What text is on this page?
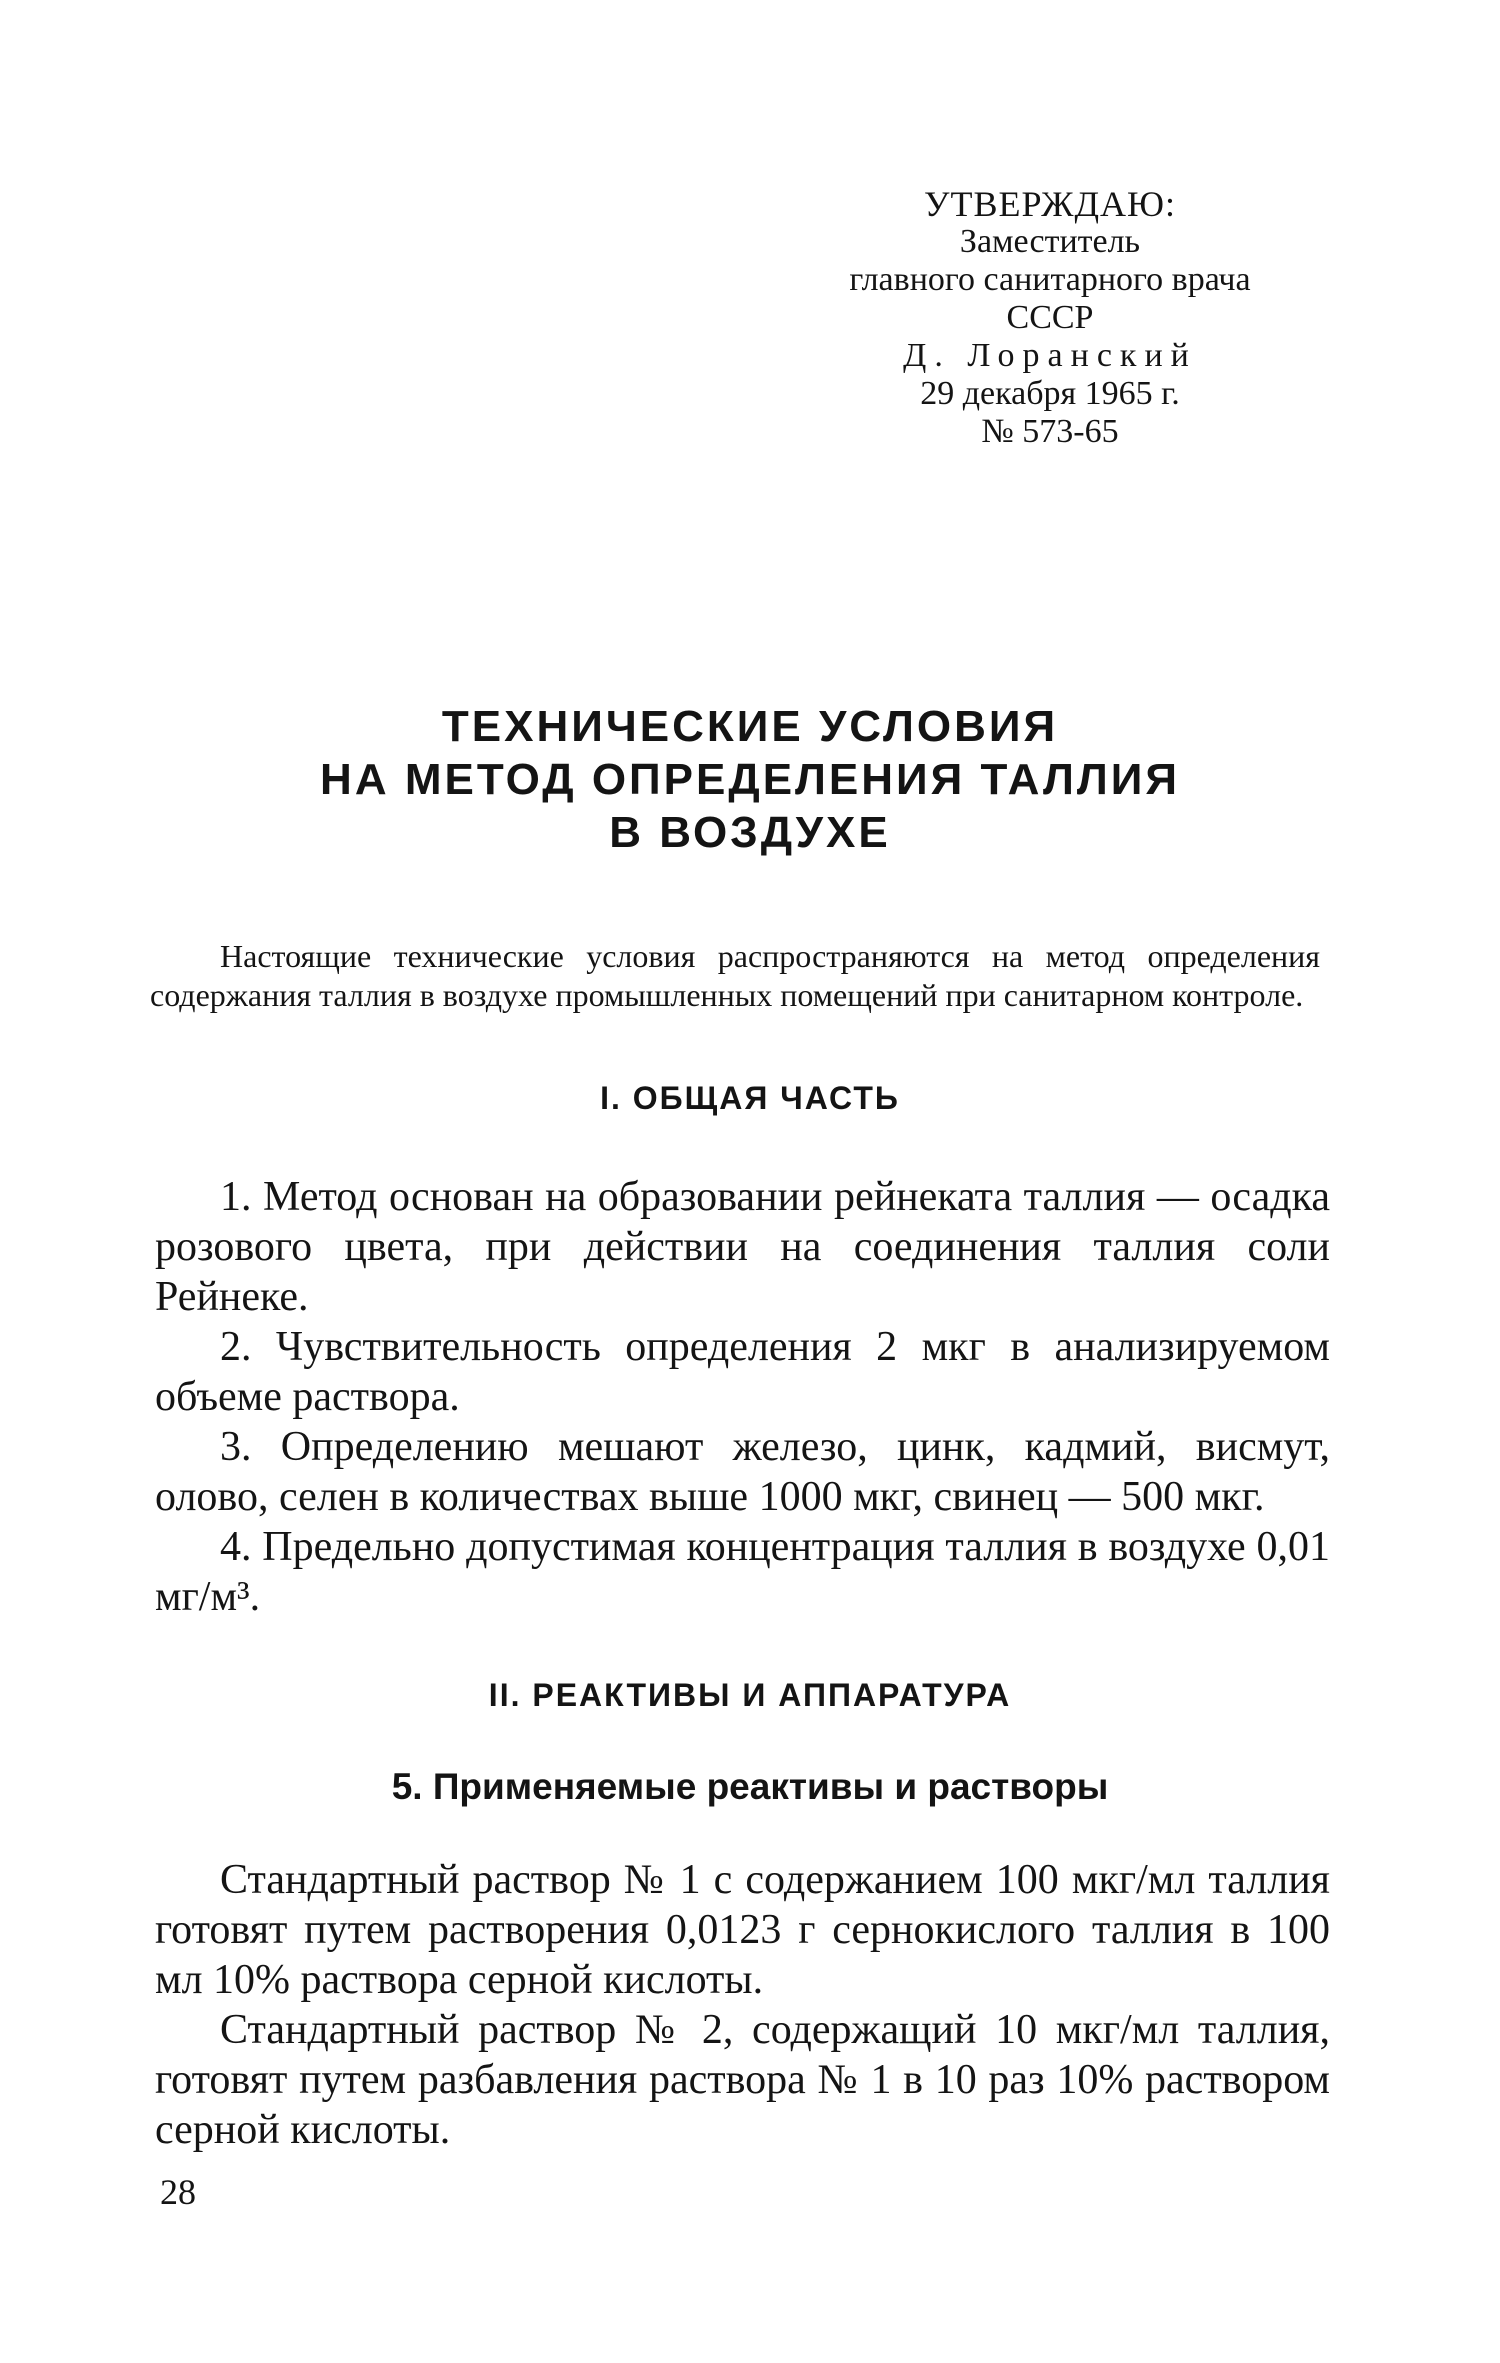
УТВЕРЖДАЮ:
Заместитель
главного санитарного врача
СССР
Д. Лоранский
29 декабря 1965 г.
№ 573-65
ТЕХНИЧЕСКИЕ УСЛОВИЯ
НА МЕТОД ОПРЕДЕЛЕНИЯ ТАЛЛИЯ
В ВОЗДУХЕ

Настоящие технические условия распространяются на метод определения содержания таллия в воздухе промышленных помещений при санитарном контроле.

I. ОБЩАЯ ЧАСТЬ

1. Метод основан на образовании рейнеката таллия — осадка розового цвета, при действии на соединения таллия соли Рейнеке.

2. Чувствительность определения 2 мкг в анализируемом объеме раствора.

3. Определению мешают железо, цинк, кадмий, висмут, олово, селен в количествах выше 1000 мкг, свинец — 500 мкг.

4. Предельно допустимая концентрация таллия в воздухе 0,01 мг/м³.

II. РЕАКТИВЫ И АППАРАТУРА
5. Применяемые реактивы и растворы

Стандартный раствор № 1 с содержанием 100 мкг/мл таллия готовят путем растворения 0,0123 г сернокислого таллия в 100 мл 10% раствора серной кислоты.

Стандартный раствор № 2, содержащий 10 мкг/мл таллия, готовят путем разбавления раствора № 1 в 10 раз 10% раствором серной кислоты.

28
